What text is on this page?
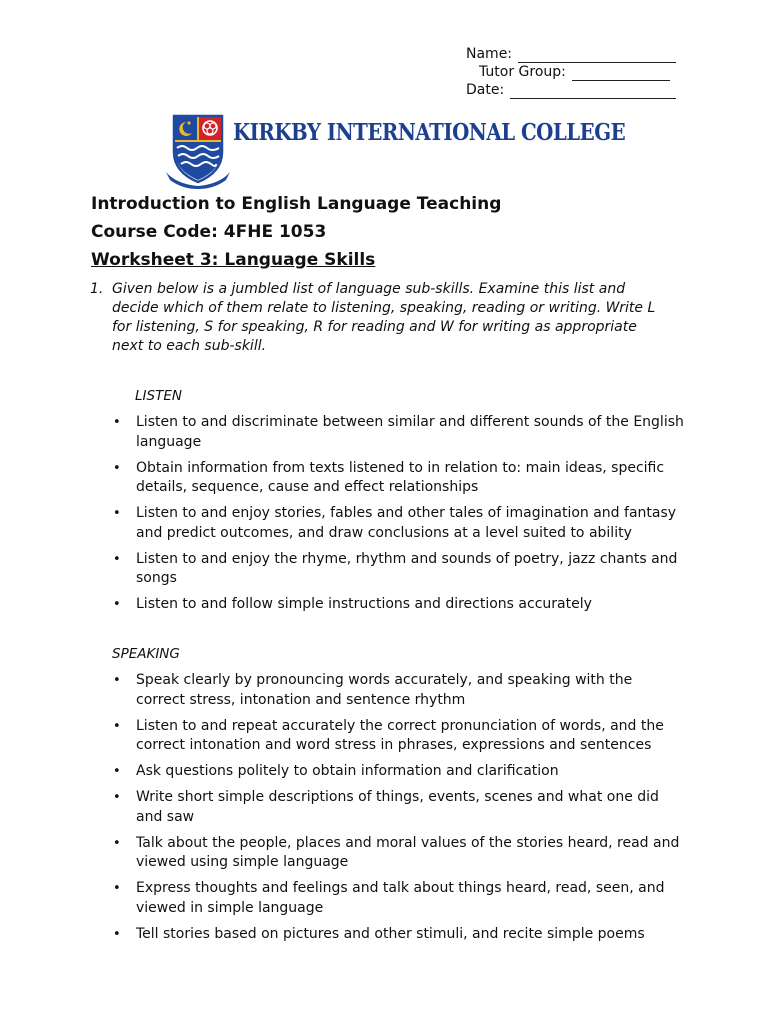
Name:
Tutor Group:
Date:
KIRKBY INTERNATIONAL COLLEGE
Introduction to English Language Teaching
Course Code: 4FHE 1053
Worksheet 3: Language Skills
1. Given below is a jumbled list of language sub-skills. Examine this list and decide which of them relate to listening, speaking, reading or writing. Write L for listening, S for speaking, R for reading and W for writing as appropriate next to each sub-skill.
LISTEN
• Listen to and discriminate between similar and different sounds of the English language
• Obtain information from texts listened to in relation to: main ideas, specific details, sequence, cause and effect relationships
• Listen to and enjoy stories, fables and other tales of imagination and fantasy and predict outcomes, and draw conclusions at a level suited to ability
• Listen to and enjoy the rhyme, rhythm and sounds of poetry, jazz chants and songs
• Listen to and follow simple instructions and directions accurately
SPEAKING
• Speak clearly by pronouncing words accurately, and speaking with the correct stress, intonation and sentence rhythm
• Listen to and repeat accurately the correct pronunciation of words, and the correct intonation and word stress in phrases, expressions and sentences
• Ask questions politely to obtain information and clarification
• Write short simple descriptions of things, events, scenes and what one did and saw
• Talk about the people, places and moral values of the stories heard, read and viewed using simple language
• Express thoughts and feelings and talk about things heard, read, seen, and viewed in simple language
• Tell stories based on pictures and other stimuli, and recite simple poems
